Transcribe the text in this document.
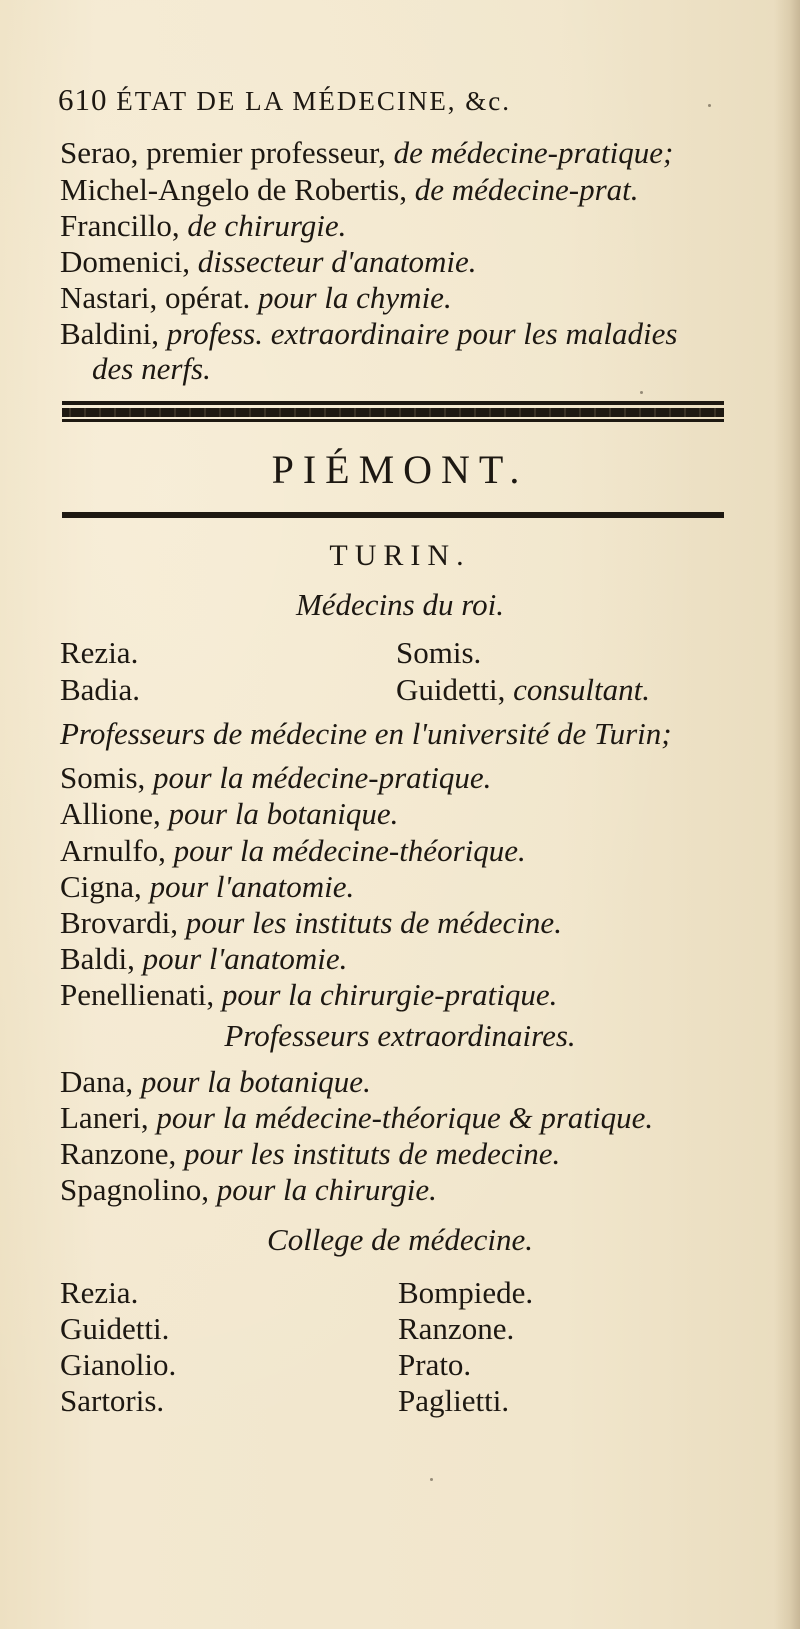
610 ÉTAT DE LA MÉDECINE, &c.
Serao, premier professeur, de médecine-pratique;
Michel-Angelo de Robertis, de médecine-prat.
Francillo, de chirurgie.
Domenici, dissecteur d'anatomie.
Nastari, opérat. pour la chymie.
Baldini, profess. extraordinaire pour les maladies
des nerfs.
PIÉMONT.
TURIN.
Médecins du roi.
Rezia.	Somis.
Badia.	Guidetti, consultant.
Professeurs de médecine en l'université de Turin;
Somis, pour la médecine-pratique.
Allione, pour la botanique.
Arnulfo, pour la médecine-théorique.
Cigna, pour l'anatomie.
Brovardi, pour les instituts de médecine.
Baldi, pour l'anatomie.
Penellienati, pour la chirurgie-pratique.
Professeurs extraordinaires.
Dana, pour la botanique.
Laneri, pour la médecine-théorique & pratique.
Ranzone, pour les instituts de medecine.
Spagnolino, pour la chirurgie.
College de médecine.
Rezia.	Bompiede.
Guidetti.	Ranzone.
Gianolio.	Prato.
Sartoris.	Paglietti.
